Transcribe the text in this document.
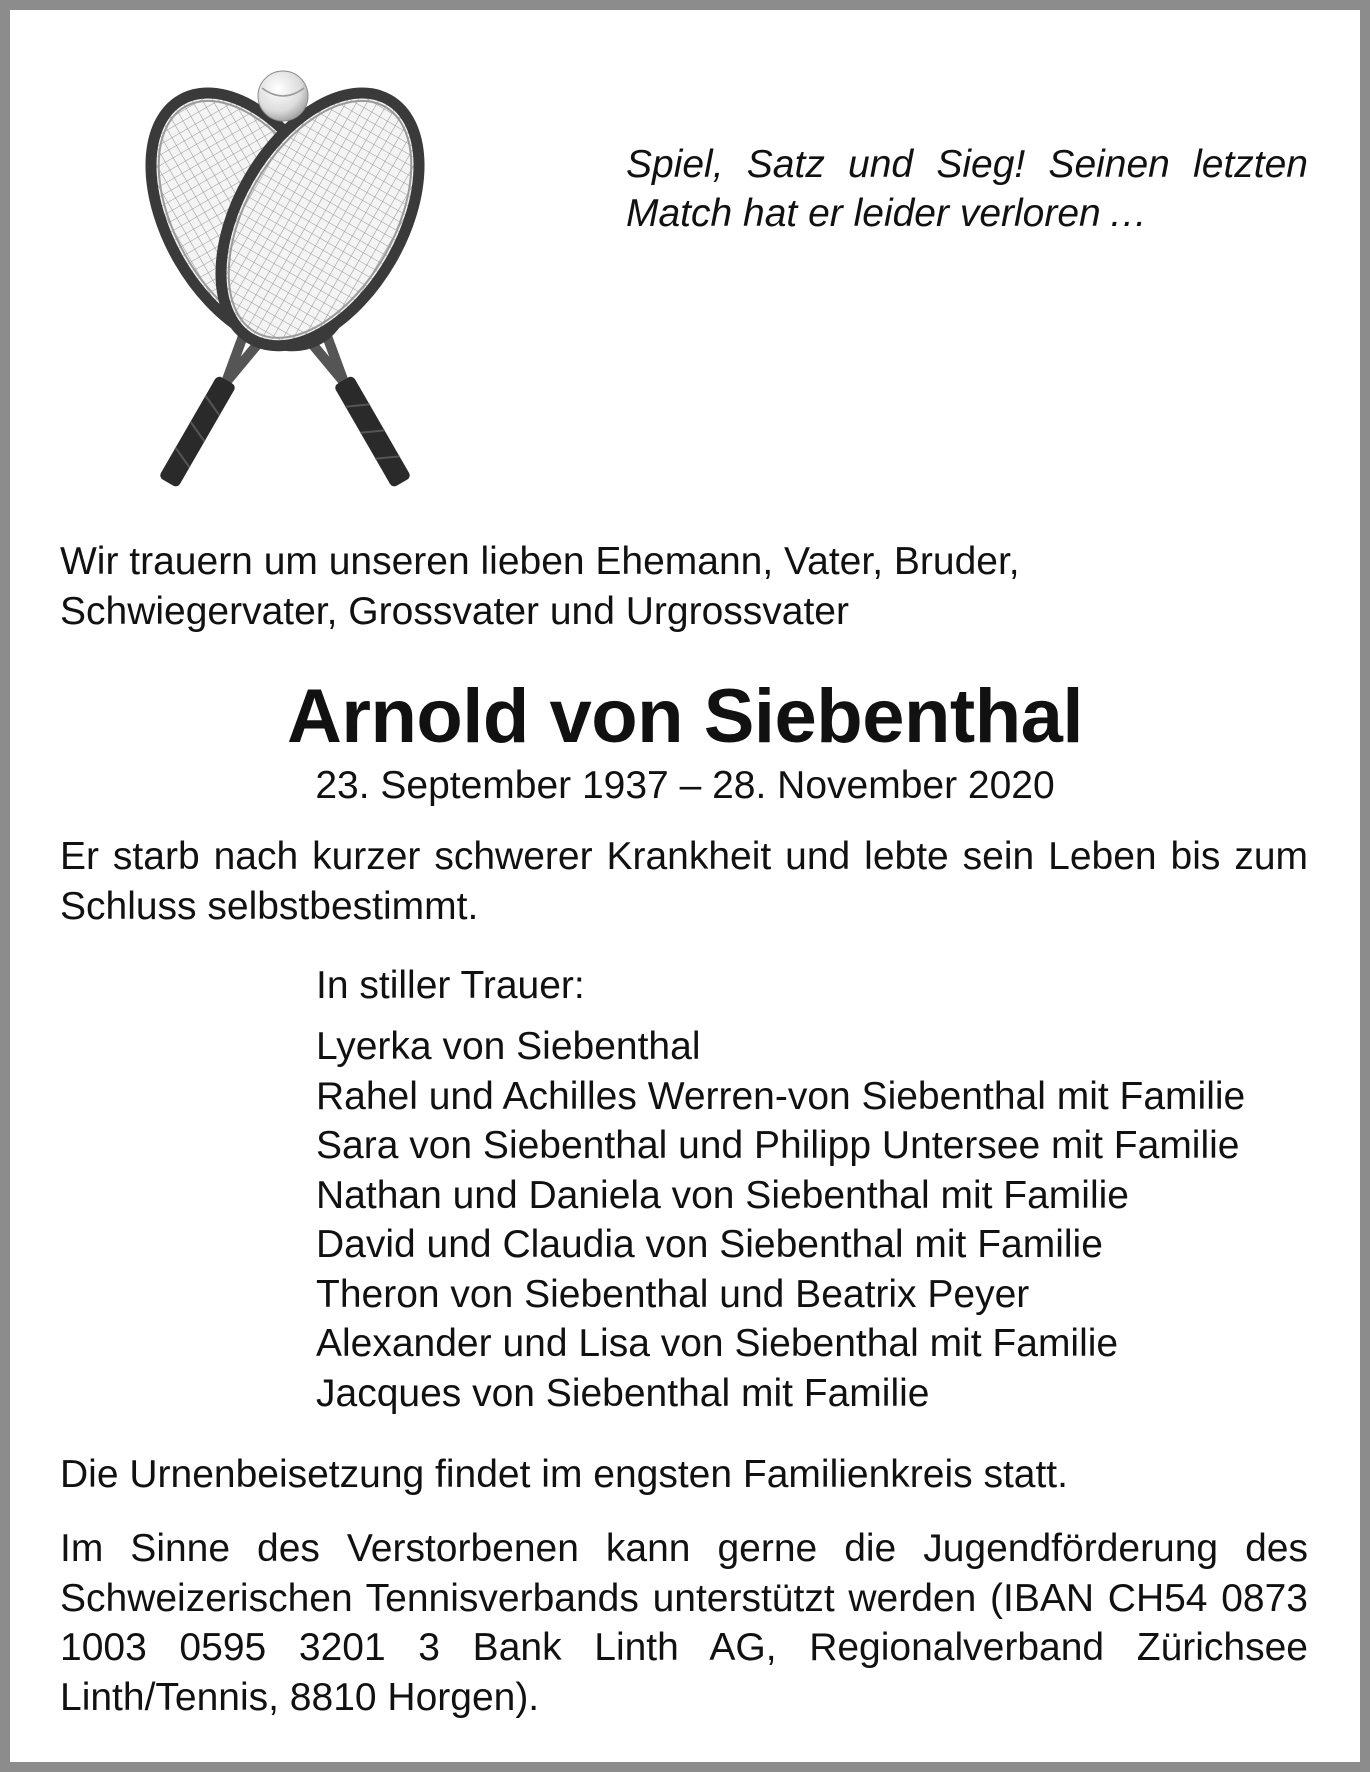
Spiel, Satz und Sieg! Seinen letzten Match hat er leider verloren …
Wir trauern um unseren lieben Ehemann, Vater, Bruder,
Schwiegervater, Grossvater und Urgrossvater
Arnold von Siebenthal
23. September 1937 – 28. November 2020
Er starb nach kurzer schwerer Krankheit und lebte sein Leben bis zum Schluss selbstbestimmt.
In stiller Trauer:
Lyerka von Siebenthal
Rahel und Achilles Werren-von Siebenthal mit Familie
Sara von Siebenthal und Philipp Untersee mit Familie
Nathan und Daniela von Siebenthal mit Familie
David und Claudia von Siebenthal mit Familie
Theron von Siebenthal und Beatrix Peyer
Alexander und Lisa von Siebenthal mit Familie
Jacques von Siebenthal mit Familie
Die Urnenbeisetzung findet im engsten Familienkreis statt.
Im Sinne des Verstorbenen kann gerne die Jugendförderung des Schweizerischen Tennisverbands unterstützt werden (IBAN CH54 0873 1003 0595 3201 3 Bank Linth AG, Regionalverband Zürichsee Linth/Tennis, 8810 Horgen).
